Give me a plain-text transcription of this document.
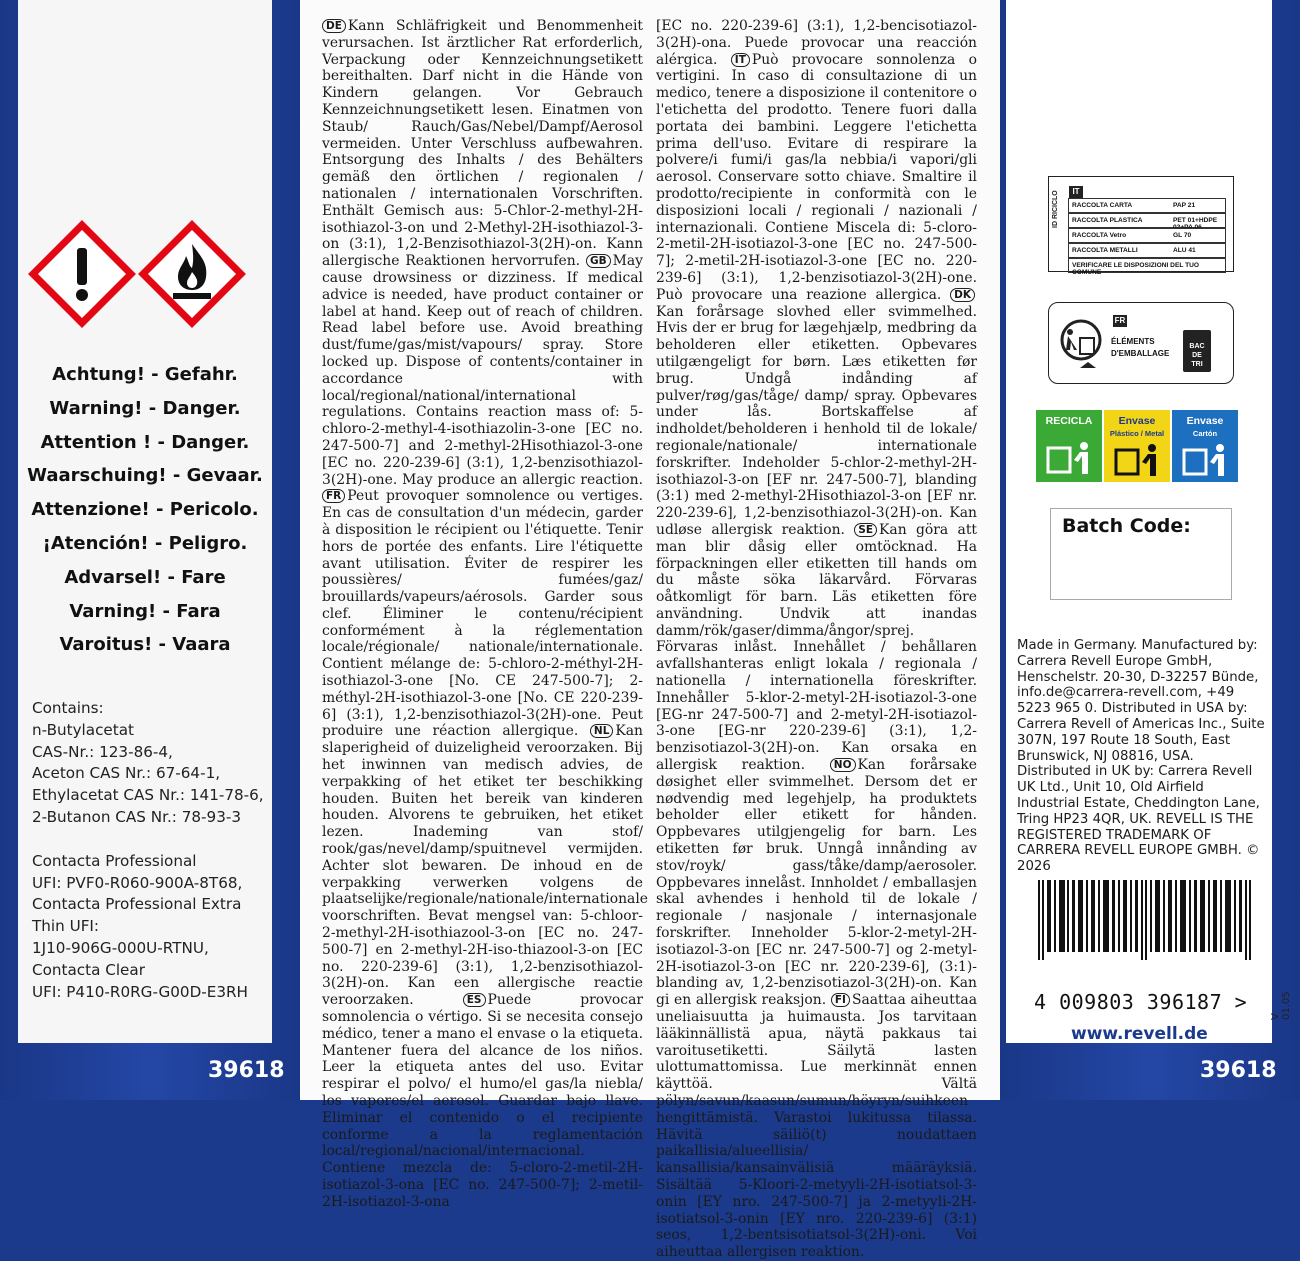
Achtung! - Gefahr.
Warning! - Danger.
Attention ! - Danger.
Waarschuing! - Gevaar.
Attenzione! - Pericolo.
¡Atención! - Peligro.
Advarsel! - Fare
Varning! - Fara
Varoitus! - Vaara
Contains:
n-Butylacetat
CAS-Nr.: 123-86-4,
Aceton CAS Nr.: 67-64-1,
Ethylacetat CAS Nr.: 141-78-6,
2-Butanon CAS Nr.: 78-93-3
Contacta Professional
UFI: PVF0-R060-900A-8T68,
Contacta Professional Extra
Thin UFI:
1J10-906G-000U-RTNU,
Contacta Clear
UFI: P410-R0RG-G00D-E3RH
39618	39618
DE Kann Schläfrigkeit und Benommenheit verursachen. Ist ärztlicher Rat erforderlich, Verpackung oder Kennzeichnungsetikett bereithalten. Darf nicht in die Hände von Kindern gelangen. Vor Gebrauch Kennzeichnungsetikett lesen. Einatmen von Staub/ Rauch/Gas/Nebel/Dampf/Aerosol vermeiden. Unter Verschluss aufbewahren. Entsorgung des Inhalts / des Behälters gemäß den örtlichen / regionalen / nationalen / internationalen Vorschriften. Enthält Gemisch aus: 5-Chlor-2-methyl-2H-isothiazol-3-on und 2-Methyl-2H-isothiazol-3-on (3:1), 1,2-Benzisothiazol-3(2H)-on. Kann allergische Reaktionen hervorrufen. GB May cause drowsiness or dizziness. If medical advice is needed, have product container or label at hand. Keep out of reach of children. Read label before use. Avoid breathing dust/fume/gas/mist/vapours/ spray. Store locked up. Dispose of contents/container in accordance with local/regional/national/international regulations. Contains reaction mass of: 5-chloro-2-methyl-4-isothiazolin-3-one [EC no. 247-500-7] and 2-methyl-2Hisothiazol-3-one [EC no. 220-239-6] (3:1), 1,2-benzisothiazol-3(2H)-one. May produce an allergic reaction. FR Peut provoquer somnolence ou vertiges. En cas de consultation d'un médecin, garder à disposition le récipient ou l'étiquette. Tenir hors de portée des enfants. Lire l'étiquette avant utilisation. Éviter de respirer les poussières/ fumées/gaz/ brouillards/vapeurs/aérosols. Garder sous clef. Éliminer le contenu/récipient conformément à la réglementation locale/régionale/ nationale/internationale. Contient mélange de: 5-chloro-2-méthyl-2H-isothiazol-3-one [No. CE 247-500-7]; 2-méthyl-2H-isothiazol-3-one [No. CE 220-239-6] (3:1), 1,2-benzisothiazol-3(2H)-one. Peut produire une réaction allergique. NL Kan slaperigheid of duizeligheid veroorzaken. Bij het inwinnen van medisch advies, de verpakking of het etiket ter beschikking houden. Buiten het bereik van kinderen houden. Alvorens te gebruiken, het etiket lezen. Inademing van stof/ rook/gas/nevel/damp/spuitnevel vermijden. Achter slot bewaren. De inhoud en de verpakking verwerken volgens de plaatselijke/regionale/nationale/internationale voorschriften. Bevat mengsel van: 5-chloor-2-methyl-2H-isothiazool-3-on [EC no. 247-500-7] en 2-methyl-2H-iso-thiazool-3-on [EC no. 220-239-6] (3:1), 1,2-benzisothiazol-3(2H)-on. Kan een allergische reactie veroorzaken. ES Puede provocar somnolencia o vértigo. Si se necesita consejo médico, tener a mano el envase o la etiqueta. Mantener fuera del alcance de los niños. Leer la etiqueta antes del uso. Evitar respirar el polvo/ el humo/el gas/la niebla/ los vapores/el aerosol. Guardar bajo llave. Eliminar el contenido o el recipiente conforme a la reglamentación local/regional/nacional/internacional. Contiene mezcla de: 5-cloro-2-metil-2H-isotiazol-3-ona [EC no. 247-500-7]; 2-metil-2H-isotiazol-3-ona
[EC no. 220-239-6] (3:1), 1,2-bencisotiazol-3(2H)-ona. Puede provocar una reacción alérgica. IT Può provocare sonnolenza o vertigini. In caso di consultazione di un medico, tenere a disposizione il contenitore o l'etichetta del prodotto. Tenere fuori dalla portata dei bambini. Leggere l'etichetta prima dell'uso. Evitare di respirare la polvere/i fumi/i gas/la nebbia/i vapori/gli aerosol. Conservare sotto chiave. Smaltire il prodotto/recipiente in conformità con le disposizioni locali / regionali / nazionali / internazionali. Contiene Miscela di: 5-cloro-2-metil-2H-isotiazol-3-one [EC no. 247-500-7]; 2-metil-2H-isotiazol-3-one [EC no. 220-239-6] (3:1), 1,2-benzisotiazol-3(2H)-one. Può provocare una reazione allergica. DKKan forårsage slovhed eller svimmelhed. Hvis der er brug for lægehjælp, medbring da beholderen eller etiketten. Opbevares utilgængeligt for børn. Læs etiketten før brug. Undgå indånding af pulver/røg/gas/tåge/ damp/ spray. Opbevares under lås. Bortskaffelse af indholdet/beholderen i henhold til de lokale/ regionale/nationale/ internationale forskrifter. Indeholder 5-chlor-2-methyl-2H-isothiazol-3-on [EF nr. 247-500-7], blanding (3:1) med 2-methyl-2Hisothiazol-3-on [EF nr. 220-239-6], 1,2-benzisothiazol-3(2H)-on. Kan udløse allergisk reaktion. SE Kan göra att man blir dåsig eller omtöcknad. Ha förpackningen eller etiketten till hands om du måste söka läkarvård. Förvaras oåtkomligt för barn. Läs etiketten före användning. Undvik att inandas damm/rök/gaser/dimma/ångor/sprej. Förvaras inlåst. Innehållet / behållaren avfallshanteras enligt lokala / regionala / nationella / internationella föreskrifter. Innehåller 5-klor-2-metyl-2H-isotiazol-3-one [EG-nr 247-500-7] and 2-metyl-2H-isotiazol-3-one [EG-nr 220-239-6] (3:1), 1,2-benzisotiazol-3(2H)-on. Kan orsaka en allergisk reaktion. NO Kan forårsake døsighet eller svimmelhet. Dersom det er nødvendig med legehjelp, ha produktets beholder eller etikett for hånden. Oppbevares utilgjengelig for barn. Les etiketten før bruk. Unngå innånding av stov/royk/ gass/tåke/damp/aerosoler. Oppbevares innelåst. Innholdet / emballasjen skal avhendes i henhold til de lokale / regionale / nasjonale / internasjonale forskrifter. Inneholder 5-klor-2-metyl-2H-isotiazol-3-on [EC nr. 247-500-7] og 2-metyl-2H-isotiazol-3-on [EC nr. 220-239-6], (3:1)-blanding av, 1,2-benzisotiazol-3(2H)-on. Kan gi en allergisk reaksjon. FI Saattaa aiheuttaa uneliaisuutta ja huimausta. Jos tarvitaan lääkinnällistä apua, näytä pakkaus tai varoitusetiketti. Säilytä lasten ulottumattomissa. Lue merkinnät ennen käyttöä. Vältä pölyn/savun/kaasun/sumun/höyryn/suihkeen hengittämistä. Varastoi lukitussa tilassa. Hävitä säiliö(t) noudattaen paikallisia/alueellisia/ kansallisia/kansainvälisiä määräyksiä. Sisältää 5-Kloori-2-metyyli-2H-isotiatsol-3-onin [EY nro. 247-500-7] ja 2-metyyli-2H-isotiatsol-3-onin [EY nro. 220-239-6] (3:1) seos, 1,2-bentsisotiatsol-3(2H)-oni. Voi aiheuttaa allergisen reaktion.
IT
ID RICICLO RACCOLTA CARTA	PAP 21
RACCOLTA PLASTICA	PET 01+HDPE 02+PA 06
RACCOLTA Vetro	GL 70
RACCOLTA METALLI	ALU 41
VERIFICARE LE DISPOSIZIONI DEL TUO COMUNE
FR
ÉLÉMENTS
D'EMBALLAGE
BAC
DE
TRI
RECICLA	Envase
Plástico / Metal
Envase
Cartón
Batch Code:
Made in Germany. Manufactured by: Carrera Revell Europe GmbH, Henschelstr. 20-30, D-32257 Bünde, info.de@carrera-revell.com, +49 5223 965 0. Distributed in USA by: Carrera Revell of Americas Inc., Suite 307N, 197 Route 18 South, East Brunswick, NJ 08816, USA. Distributed in UK by: Carrera Revell UK Ltd., Unit 10, Old Airfield Industrial Estate, Cheddington Lane, Tring HP23 4QR, UK. REVELL IS THE REGISTERED TRADEMARK OF CARRERA REVELL EUROPE GMBH. © 2026
4 009803 396187 >
www.revell.de
V 01.05
